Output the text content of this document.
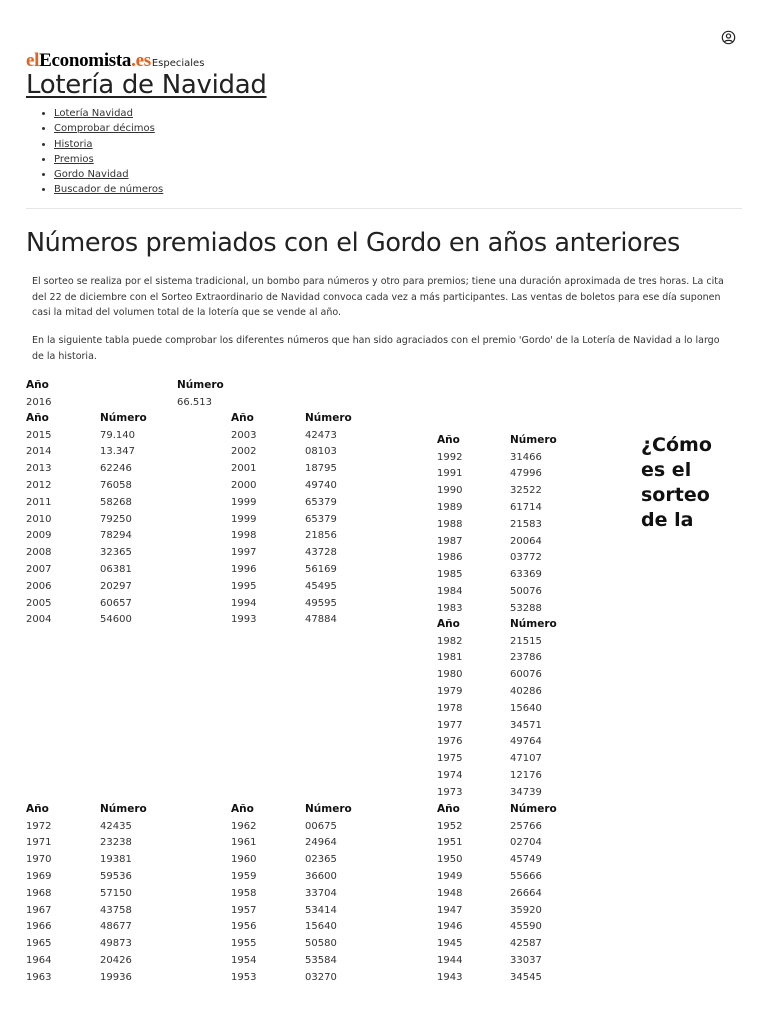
elEconomista.es Especiales
Lotería de Navidad
• Lotería Navidad
• Comprobar décimos
• Historia
• Premios
• Gordo Navidad
• Buscador de números
Números premiados con el Gordo en años anteriores

El sorteo se realiza por el sistema tradicional, un bombo para números y otro para premios; tiene una duración aproximada de tres horas. La cita del 22 de diciembre con el Sorteo Extraordinario de Navidad convoca cada vez a más participantes. Las ventas de boletos para ese día suponen casi la mitad del volumen total de la lotería que se vende al año.

En la siguiente tabla puede comprobar los diferentes números que han sido agraciados con el premio 'Gordo' de la Lotería de Navidad a lo largo de la historia.

Año	Número
2016	66.513
Año	Número
2015	79.140
2014	13.347
2013	62246
2012	76058
2011	58268
2010	79250
2009	78294
2008	32365
2007	06381
2006	20297
2005	60657
2004	54600
Año	Número
2003	42473
2002	08103
2001	18795
2000	49740
1999	65379
1999	65379
1998	21856
1997	43728
1996	56169
1995	45495
1994	49595
1993	47884
Año	Número
1992	31466
1991	47996
1990	32522
1989	61714
1988	21583
1987	20064
1986	03772
1985	63369
1984	50076
1983	53288
Año	Número
1982	21515
1981	23786
1980	60076
1979	40286
1978	15640
1977	34571
1976	49764
1975	47107
1974	12176
1973	34739
Año	Número
1972	42435
1971	23238
1970	19381
1969	59536
1968	57150
1967	43758
1966	48677
1965	49873
1964	20426
1963	19936
Año	Número
1962	00675
1961	24964
1960	02365
1959	36600
1958	33704
1957	53414
1956	15640
1955	50580
1954	53584
1953	03270
Año	Número
1952	25766
1951	02704
1950	45749
1949	55666
1948	26664
1947	35920
1946	45590
1945	42587
1944	33037
1943	34545
¿Cómo es el sorteo de la
